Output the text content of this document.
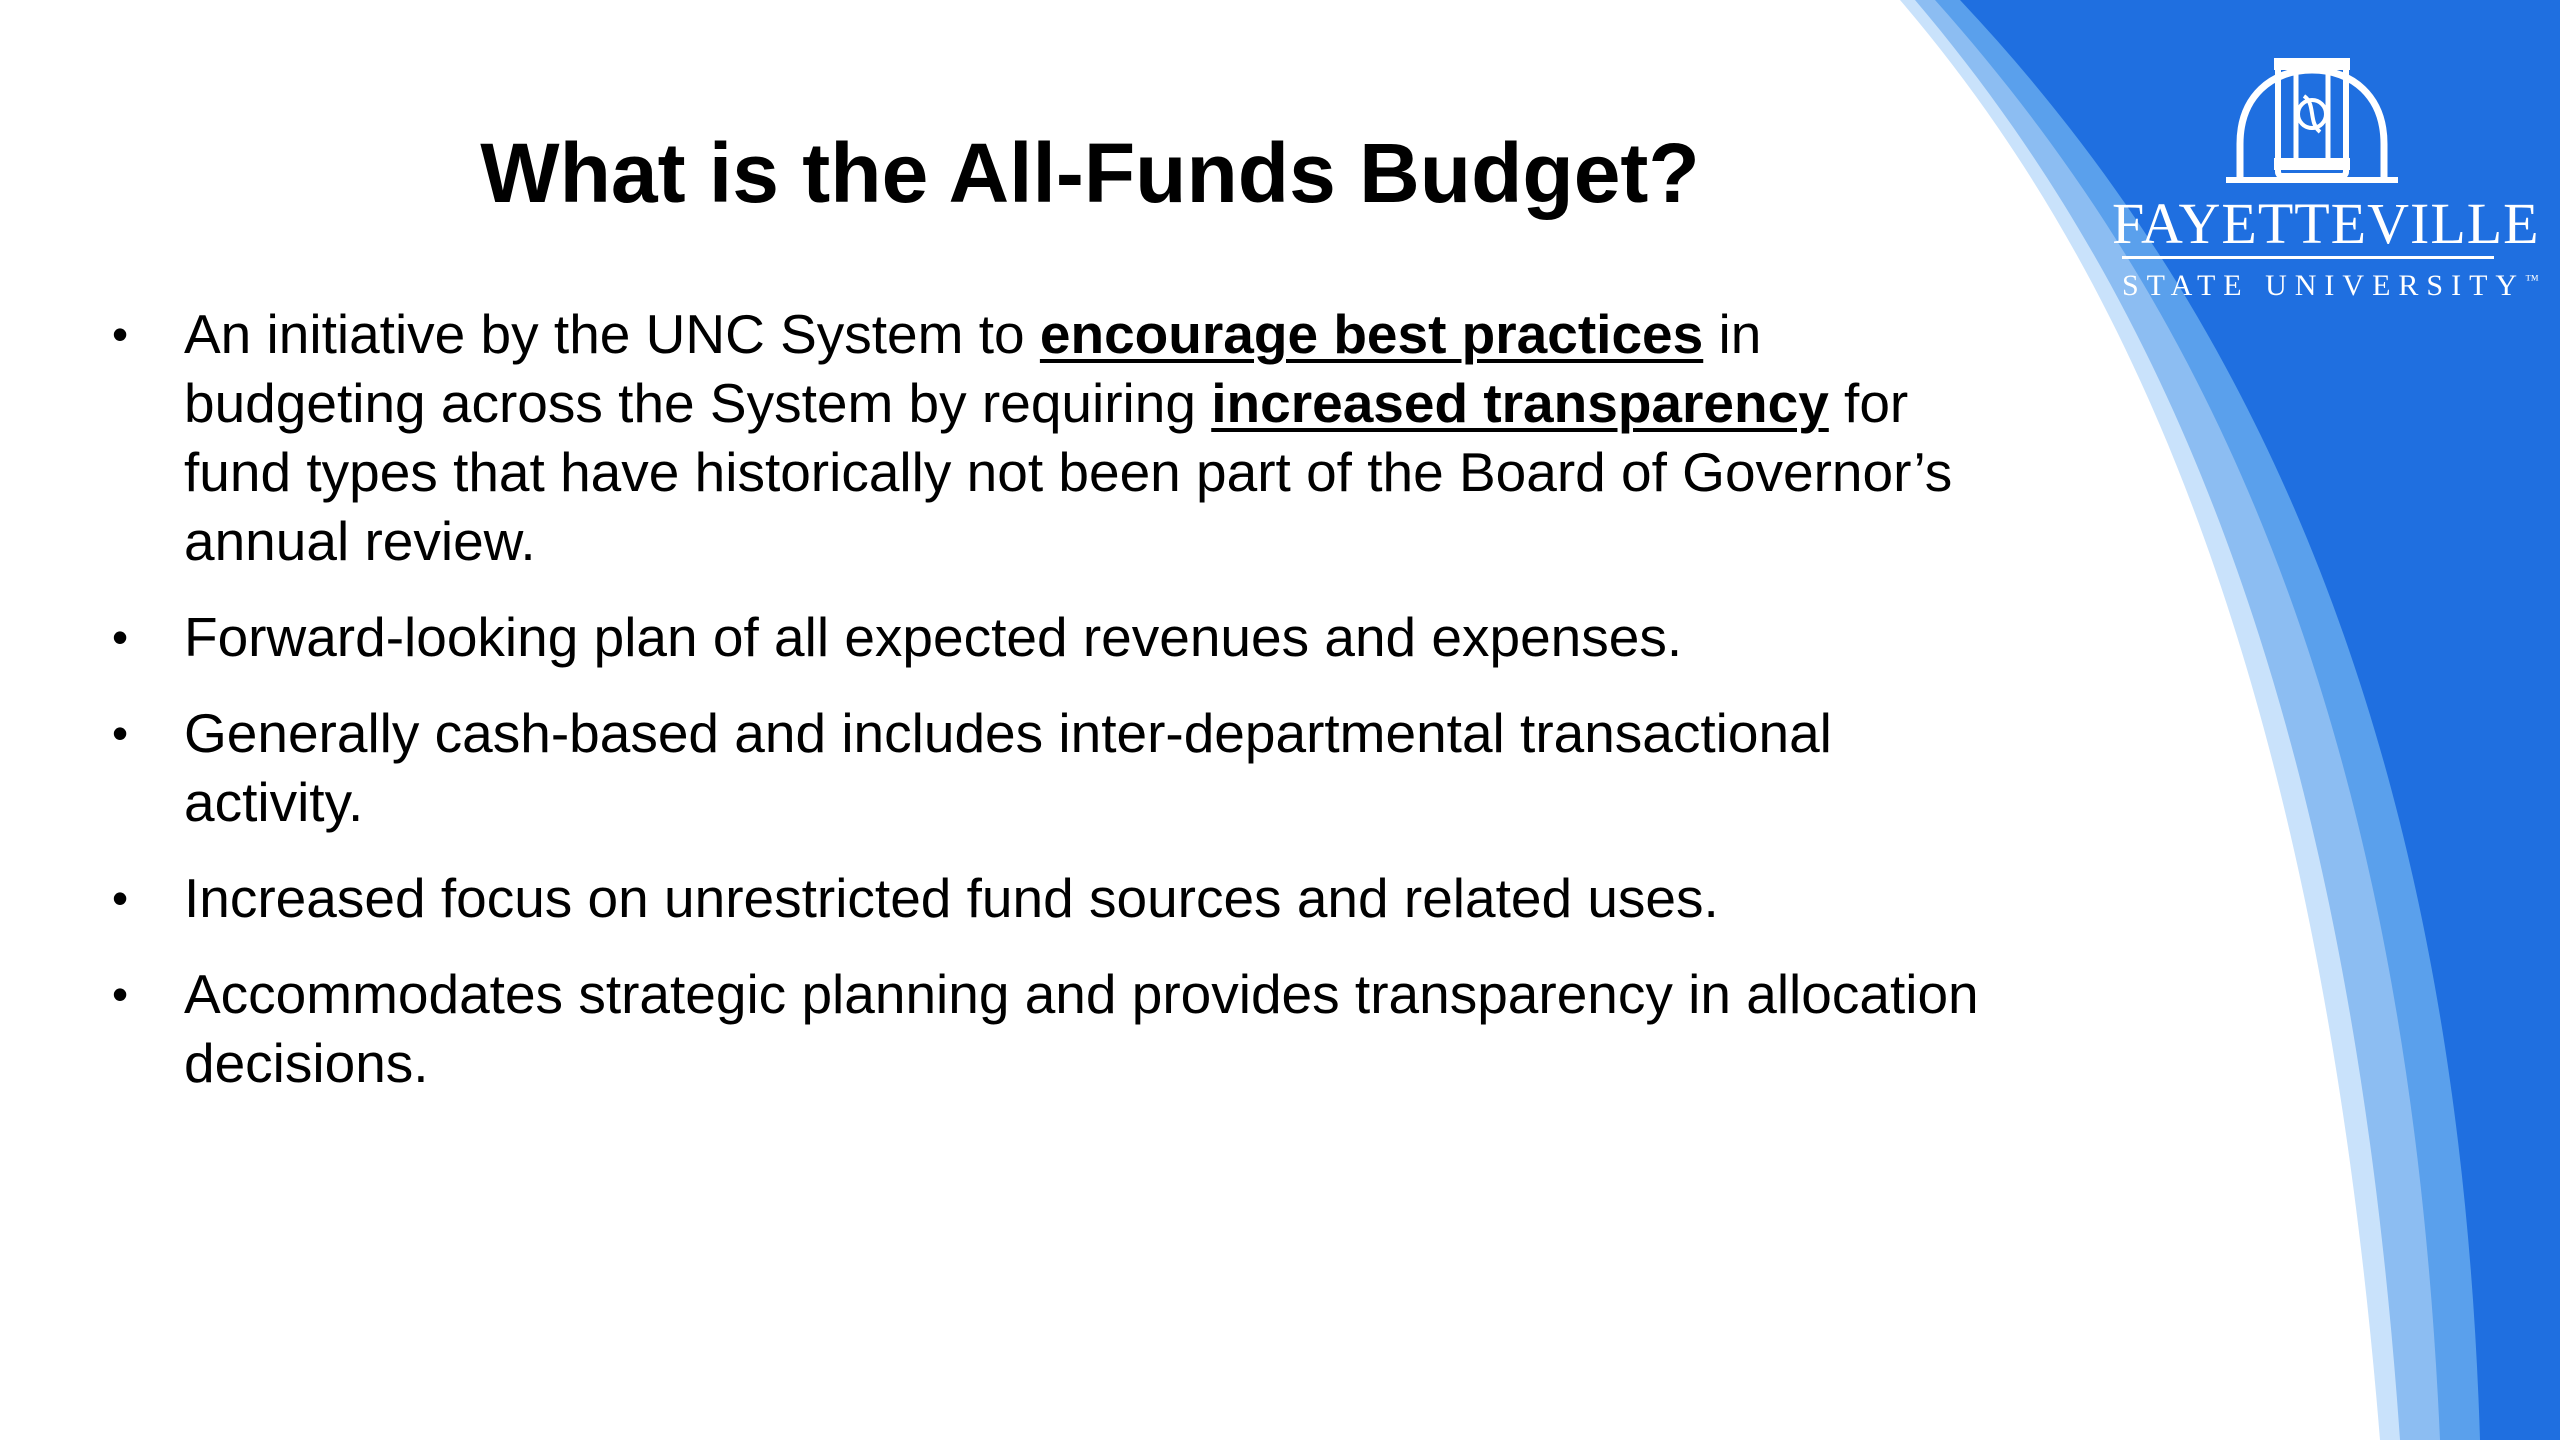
What is the All-Funds Budget?
• An initiative by the UNC System to encourage best practices in budgeting across the System by requiring increased transparency for fund types that have historically not been part of the Board of Governor’s annual review.
• Forward-looking plan of all expected revenues and expenses.
• Generally cash-based and includes inter-departmental transactional activity.
• Increased focus on unrestricted fund sources and related uses.
• Accommodates strategic planning and provides transparency in allocation decisions.
FAYETTEVILLE
STATE UNIVERSITY™
